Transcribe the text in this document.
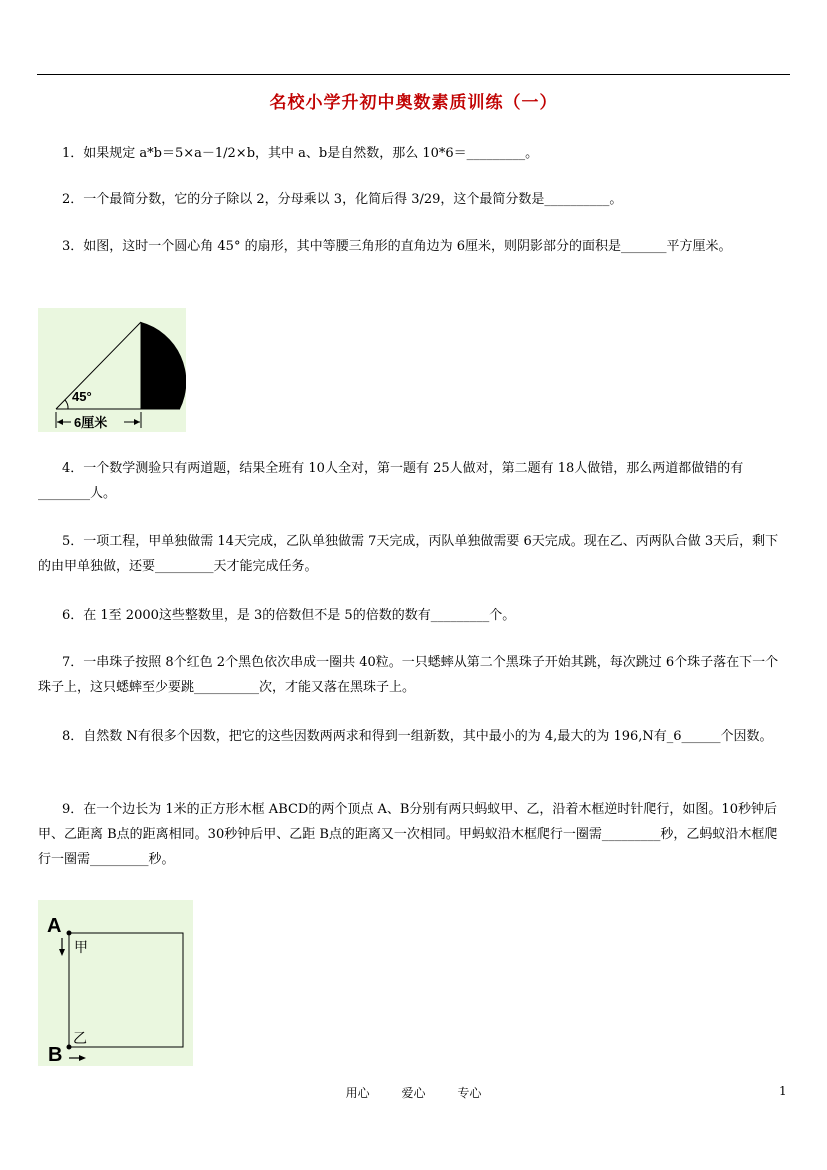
名校小学升初中奥数素质训练（一）
1．如果规定 a*b＝5×a－1/2×b，其中 a、b是自然数，那么 10*6＝_________。
2．一个最简分数，它的分子除以 2，分母乘以 3，化简后得 3/29，这个最简分数是__________。
3．如图，这时一个圆心角 45° 的扇形，其中等腰三角形的直角边为 6厘米，则阴影部分的面积是_______平方厘米。
45°
6厘米
4．一个数学测验只有两道题，结果全班有 10人全对，第一题有 25人做对，第二题有 18人做错，那么两道都做错的有________人。
5．一项工程，甲单独做需 14天完成，乙队单独做需 7天完成，丙队单独做需要 6天完成。现在乙、丙两队合做 3天后，剩下的由甲单独做，还要_________天才能完成任务。
6．在 1至 2000这些整数里，是 3的倍数但不是 5的倍数的数有_________个。
7．一串珠子按照 8个红色 2个黑色依次串成一圈共 40粒。一只蟋蟀从第二个黑珠子开始其跳，每次跳过 6个珠子落在下一个珠子上，这只蟋蟀至少要跳__________次，才能又落在黑珠子上。
8．自然数 N有很多个因数，把它的这些因数两两求和得到一组新数，其中最小的为 4,最大的为 196,N有_6______个因数。
9．在一个边长为 1米的正方形木框 ABCD的两个顶点 A、B分别有两只蚂蚁甲、乙，沿着木框逆时针爬行，如图。10秒钟后甲、乙距离 B点的距离相同。30秒钟后甲、乙距 B点的距离又一次相同。甲蚂蚁沿木框爬行一圈需_________秒，乙蚂蚁沿木框爬行一圈需_________秒。
A
B
甲
乙
用心	爱心	专心	1
